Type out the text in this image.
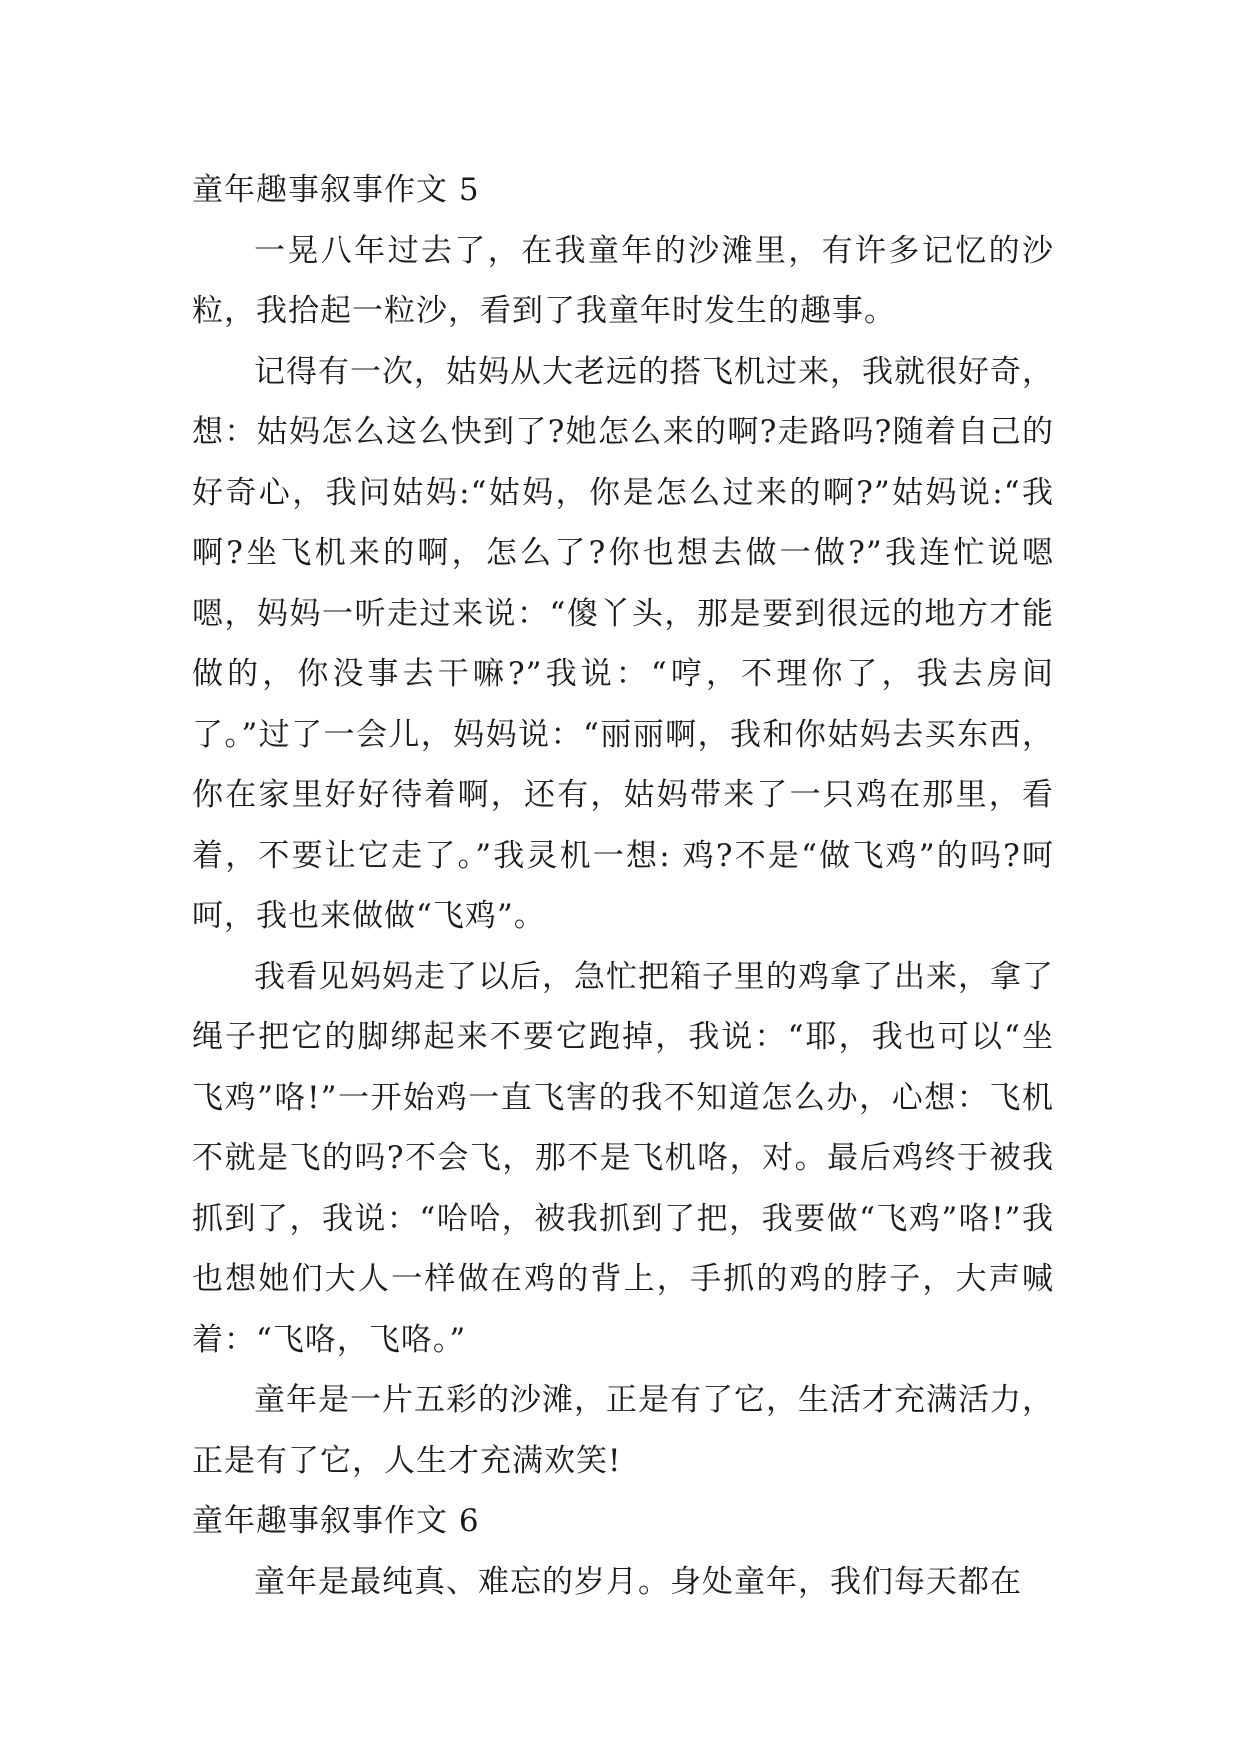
童年趣事叙事作文 5

一晃八年过去了，在我童年的沙滩里，有许多记忆的沙粒，我拾起一粒沙，看到了我童年时发生的趣事。

记得有一次，姑妈从大老远的搭飞机过来，我就很好奇，想：姑妈怎么这么快到了?她怎么来的啊?走路吗?随着自己的好奇心，我问姑妈:“姑妈，你是怎么过来的啊?”姑妈说:“我啊?坐飞机来的啊，怎么了?你也想去做一做?”我连忙说嗯嗯，妈妈一听走过来说：“傻丫头，那是要到很远的地方才能做的，你没事去干嘛?”我说：“哼，不理你了，我去房间了。”过了一会儿，妈妈说：“丽丽啊，我和你姑妈去买东西，你在家里好好待着啊，还有，姑妈带来了一只鸡在那里，看着，不要让它走了。”我灵机一想: 鸡?不是“做飞鸡”的吗?呵呵，我也来做做“飞鸡”。

我看见妈妈走了以后，急忙把箱子里的鸡拿了出来，拿了绳子把它的脚绑起来不要它跑掉，我说：“耶，我也可以“坐飞鸡”咯!”一开始鸡一直飞害的我不知道怎么办，心想：飞机不就是飞的吗?不会飞，那不是飞机咯，对。最后鸡终于被我抓到了，我说：“哈哈，被我抓到了把，我要做“飞鸡”咯!”我也想她们大人一样做在鸡的背上，手抓的鸡的脖子，大声喊着：“飞咯，飞咯。”

童年是一片五彩的沙滩，正是有了它，生活才充满活力，正是有了它，人生才充满欢笑!

童年趣事叙事作文 6

童年是最纯真、难忘的岁月。身处童年，我们每天都在
